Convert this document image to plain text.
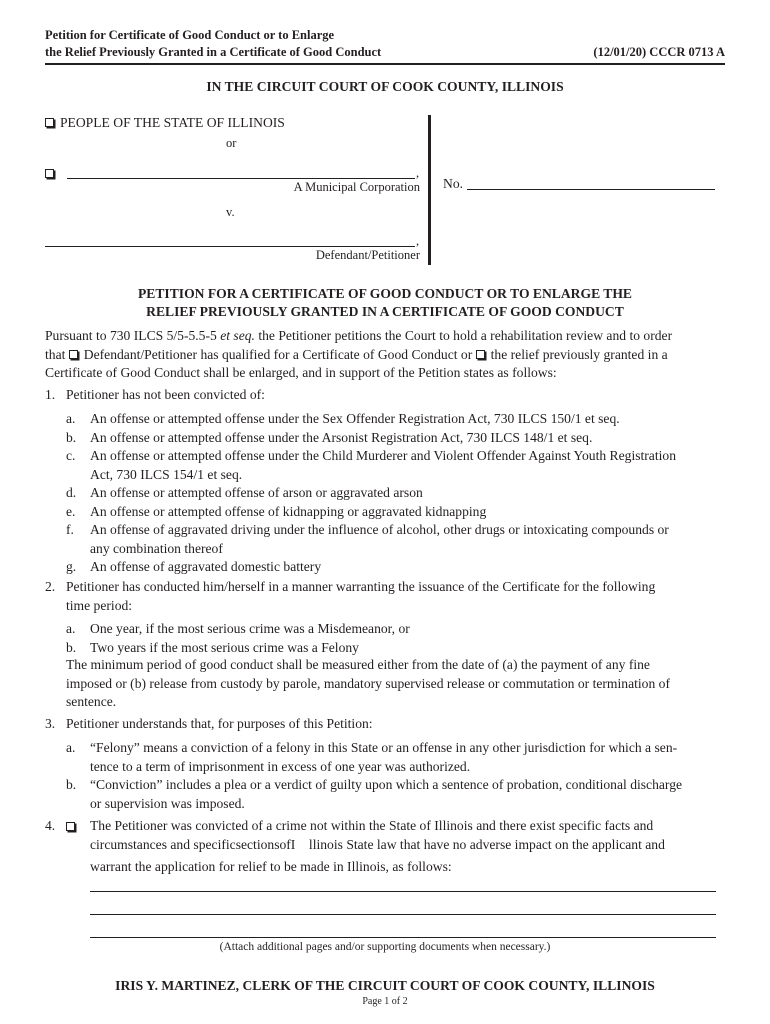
Petition for Certificate of Good Conduct or to Enlarge
the Relief Previously Granted in a Certificate of Good Conduct	(12/01/20) CCCR 0713 A
IN THE CIRCUIT COURT OF COOK COUNTY, ILLINOIS
PEOPLE OF THE STATE OF ILLINOIS
or
,
A Municipal Corporation
v.
,
Defendant/Petitioner
No.
PETITION FOR A CERTIFICATE OF GOOD CONDUCT OR TO ENLARGE THE
RELIEF PREVIOUSLY GRANTED IN A CERTIFICATE OF GOOD CONDUCT
Pursuant to 730 ILCS 5/5-5.5-5 et seq. the Petitioner petitions the Court to hold a rehabilitation review and to order
that Defendant/Petitioner has qualified for a Certificate of Good Conduct or the relief previously granted in a
Certificate of Good Conduct shall be enlarged, and in support of the Petition states as follows:
1. Petitioner has not been convicted of:
a. An offense or attempted offense under the Sex Offender Registration Act, 730 ILCS 150/1 et seq.
b. An offense or attempted offense under the Arsonist Registration Act, 730 ILCS 148/1 et seq.
c. An offense or attempted offense under the Child Murderer and Violent Offender Against Youth Registration
Act, 730 ILCS 154/1 et seq.
d. An offense or attempted offense of arson or aggravated arson
e. An offense or attempted offense of kidnapping or aggravated kidnapping
f. An offense of aggravated driving under the influence of alcohol, other drugs or intoxicating compounds or
any combination thereof
g. An offense of aggravated domestic battery
2. Petitioner has conducted him/herself in a manner warranting the issuance of the Certificate for the following
time period:
a. One year, if the most serious crime was a Misdemeanor, or
b. Two years if the most serious crime was a Felony
The minimum period of good conduct shall be measured either from the date of (a) the payment of any fine
imposed or (b) release from custody by parole, mandatory supervised release or commutation or termination of
sentence.
3. Petitioner understands that, for purposes of this Petition:
a. “Felony” means a conviction of a felony in this State or an offense in any other jurisdiction for which a sen-
tence to a term of imprisonment in excess of one year was authorized.
b. “Conviction” includes a plea or a verdict of guilty upon which a sentence of probation, conditional discharge
or supervision was imposed.
4.	The Petitioner was convicted of a crime not within the State of Illinois and there exist specific facts and
circumstances and specificsectionsofI    llinois State law that have no adverse impact on the applicant and
warrant the application for relief to be made in Illinois, as follows:
(Attach additional pages and/or supporting documents when necessary.)
IRIS Y. MARTINEZ, CLERK OF THE CIRCUIT COURT OF COOK COUNTY, ILLINOIS
Page 1 of 2
